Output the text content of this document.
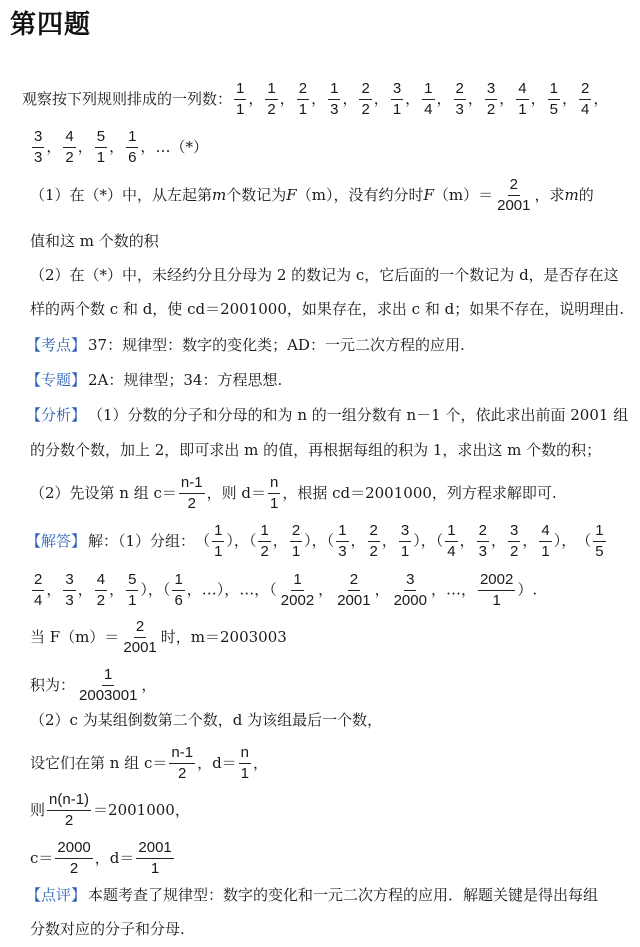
第四题
观察按下列规则排成的一列数： $\frac{1}{1}$ ， $\frac{1}{2}$ ， $\frac{2}{1}$ ， $\frac{1}{3}$ ， $\frac{2}{2}$ ， $\frac{3}{1}$ ， $\frac{1}{4}$ ， $\frac{2}{3}$ ， $\frac{3}{2}$ ， $\frac{4}{1}$ ， $\frac{1}{5}$ ， $\frac{2}{4}$ ，
$\frac{3}{3}$ ， $\frac{4}{2}$ ， $\frac{5}{1}$ ， $\frac{1}{6}$ ， …（*）
（1）在（*）中，从左起第 m 个数记为 F （m），没有约分时 F $(m)= \frac{2}{2001}$ ，求 m 的
值和这 m 个数的积
（2）在（*）中，未经约分且分母为 2 的数记为 c，它后面的一个数记为 d，是否存在这
样的两个数 c 和 d，使 cd＝2001000，如果存在，求出 c 和 d；如果不存在，说明理由.
【考点】 37：规律型：数字的变化类；AD：一元二次方程的应用.
【专题】 2A：规律型；34：方程思想.
【分析】 （1）分数的分子和分母的和为 n 的一组分数有 n－1 个，依此求出前面 2001 组
的分数个数，加上 2，即可求出 m 的值，再根据每组的积为 1，求出这 m 个数的积；
（2）先设第 n 组 $c= \frac{n-1}{2}$ ，则 $d= \frac{n}{1}$ ，根据 cd＝2001000，列方程求解即可.
【解答】 解：（1）分组： （ $\frac{1}{1}$ ），（ $\frac{1}{2}$ ， $\frac{2}{1}$ ），（ $\frac{1}{3}$ ， $\frac{2}{2}$ ， $\frac{3}{1}$ ），（ $\frac{1}{4}$ ， $\frac{2}{3}$ ， $\frac{3}{2}$ ， $\frac{4}{1}$ ）， （ $\frac{1}{5}$
$\frac{2}{4}$ ， $\frac{3}{3}$ ， $\frac{4}{2}$ ， $\frac{5}{1}$ ），（ $\frac{1}{6}$ ，…），…，（ $\frac{1}{2002}$ ， $\frac{2}{2001}$ ， $\frac{3}{2000}$ ，…， $\frac{2002}{1}$ ）.
当 $F(m)= \frac{2}{2001}$ 时，m＝2003003
积为： $\frac{1}{2003001}$ ，
（2）c 为某组倒数第二个数，d 为该组最后一个数，
设它们在第 n 组 $c= \frac{n-1}{2}$ ，$d= \frac{n}{1}$ ，
则 $\frac{n(n-1)}{2} =2001000$，
$c= \frac{2000}{2}$ ，$d= \frac{2001}{1}$
【点评】 本题考查了规律型：数字的变化和一元二次方程的应用．解题关键是得出每组
分数对应的分子和分母.
